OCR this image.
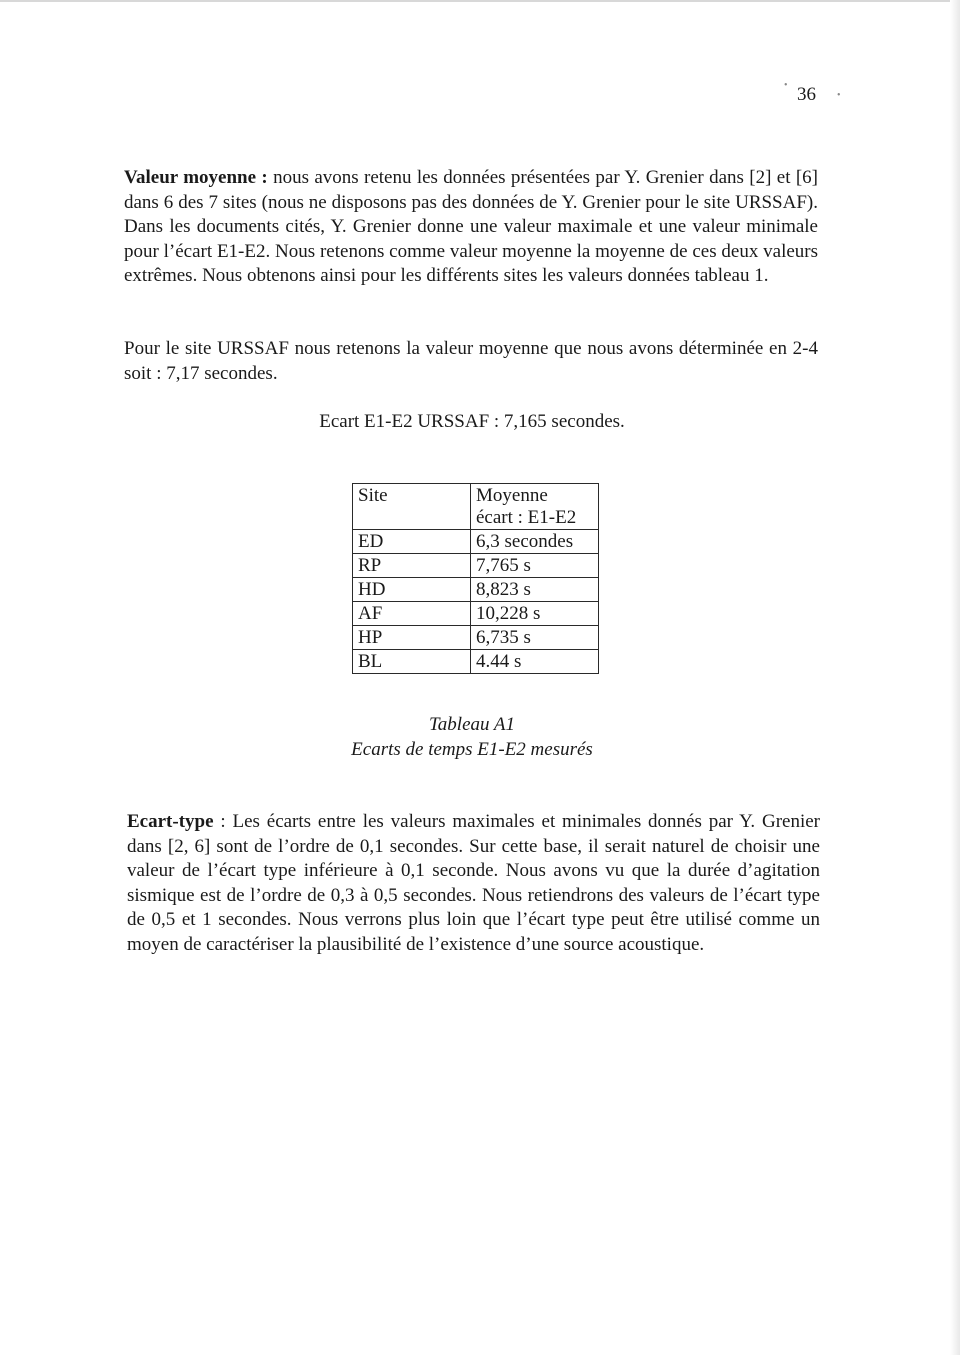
• 36 •

Valeur moyenne : nous avons retenu les données présentées par Y. Grenier dans [2] et [6] dans 6 des 7 sites (nous ne disposons pas des données de Y. Grenier pour le site URSSAF). Dans les documents cités, Y. Grenier donne une valeur maximale et une valeur minimale pour l’écart E1-E2. Nous retenons comme valeur moyenne la moyenne de ces deux valeurs extrêmes. Nous obtenons ainsi pour les différents sites les valeurs données tableau 1.

Pour le site URSSAF nous retenons la valeur moyenne que nous avons déterminée en 2-4 soit : 7,17 secondes.

Ecart E1-E2 URSSAF : 7,165 secondes.
Site	Moyenne
écart : E1-E2
ED	6,3 secondes
RP	7,765 s
HD	8,823 s
AF	10,228 s
HP	6,735 s
BL	4.44 s
Tableau A1
Ecarts de temps E1-E2 mesurés

Ecart-type : Les écarts entre les valeurs maximales et minimales donnés par Y. Grenier dans [2, 6] sont de l’ordre de 0,1 secondes. Sur cette base, il serait naturel de choisir une valeur de l’écart type inférieure à 0,1 seconde. Nous avons vu que la durée d’agitation sismique est de l’ordre de 0,3 à 0,5 secondes. Nous retiendrons des valeurs de l’écart type de 0,5 et 1 secondes. Nous verrons plus loin que l’écart type peut être utilisé comme un moyen de caractériser la plausibilité de l’existence d’une source acoustique.
